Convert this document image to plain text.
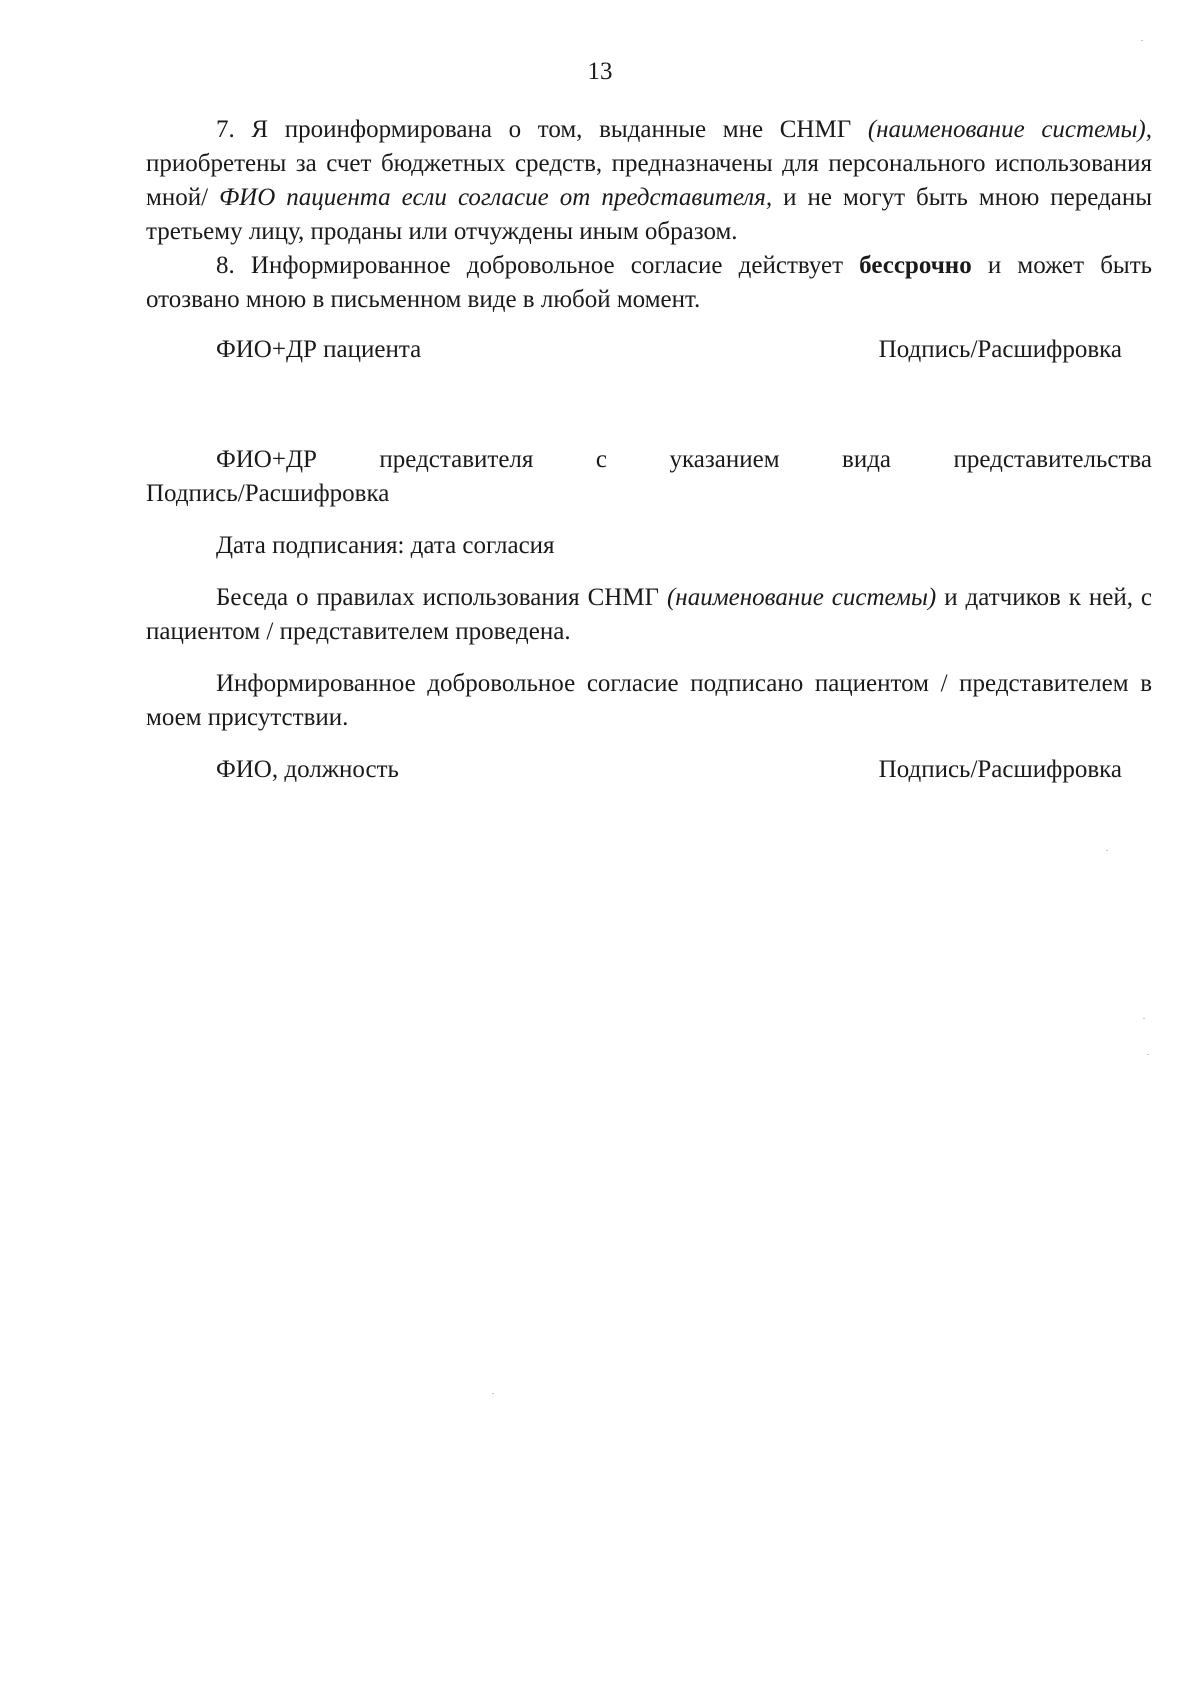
13

7. Я проинформирована о том, выданные мне СНМГ (наименование системы), приобретены за счет бюджетных средств, предназначены для персонального использования мной/ ФИО пациента если согласие от представителя, и не могут быть мною переданы третьему лицу, проданы или отчуждены иным образом.

8. Информированное добровольное согласие действует бессрочно и может быть отозвано мною в письменном виде в любой момент.

ФИО+ДР пациента	Подпись/Расшифровка
ФИО+ДР	представителя	с	указанием	вида	представительства
Подпись/Расшифровка
Дата подписания: дата согласия

Беседа о правилах использования СНМГ (наименование системы) и датчиков к ней, с пациентом / представителем проведена.

Информированное добровольное согласие подписано пациентом / представителем в моем присутствии.

ФИО, должность	Подпись/Расшифровка
